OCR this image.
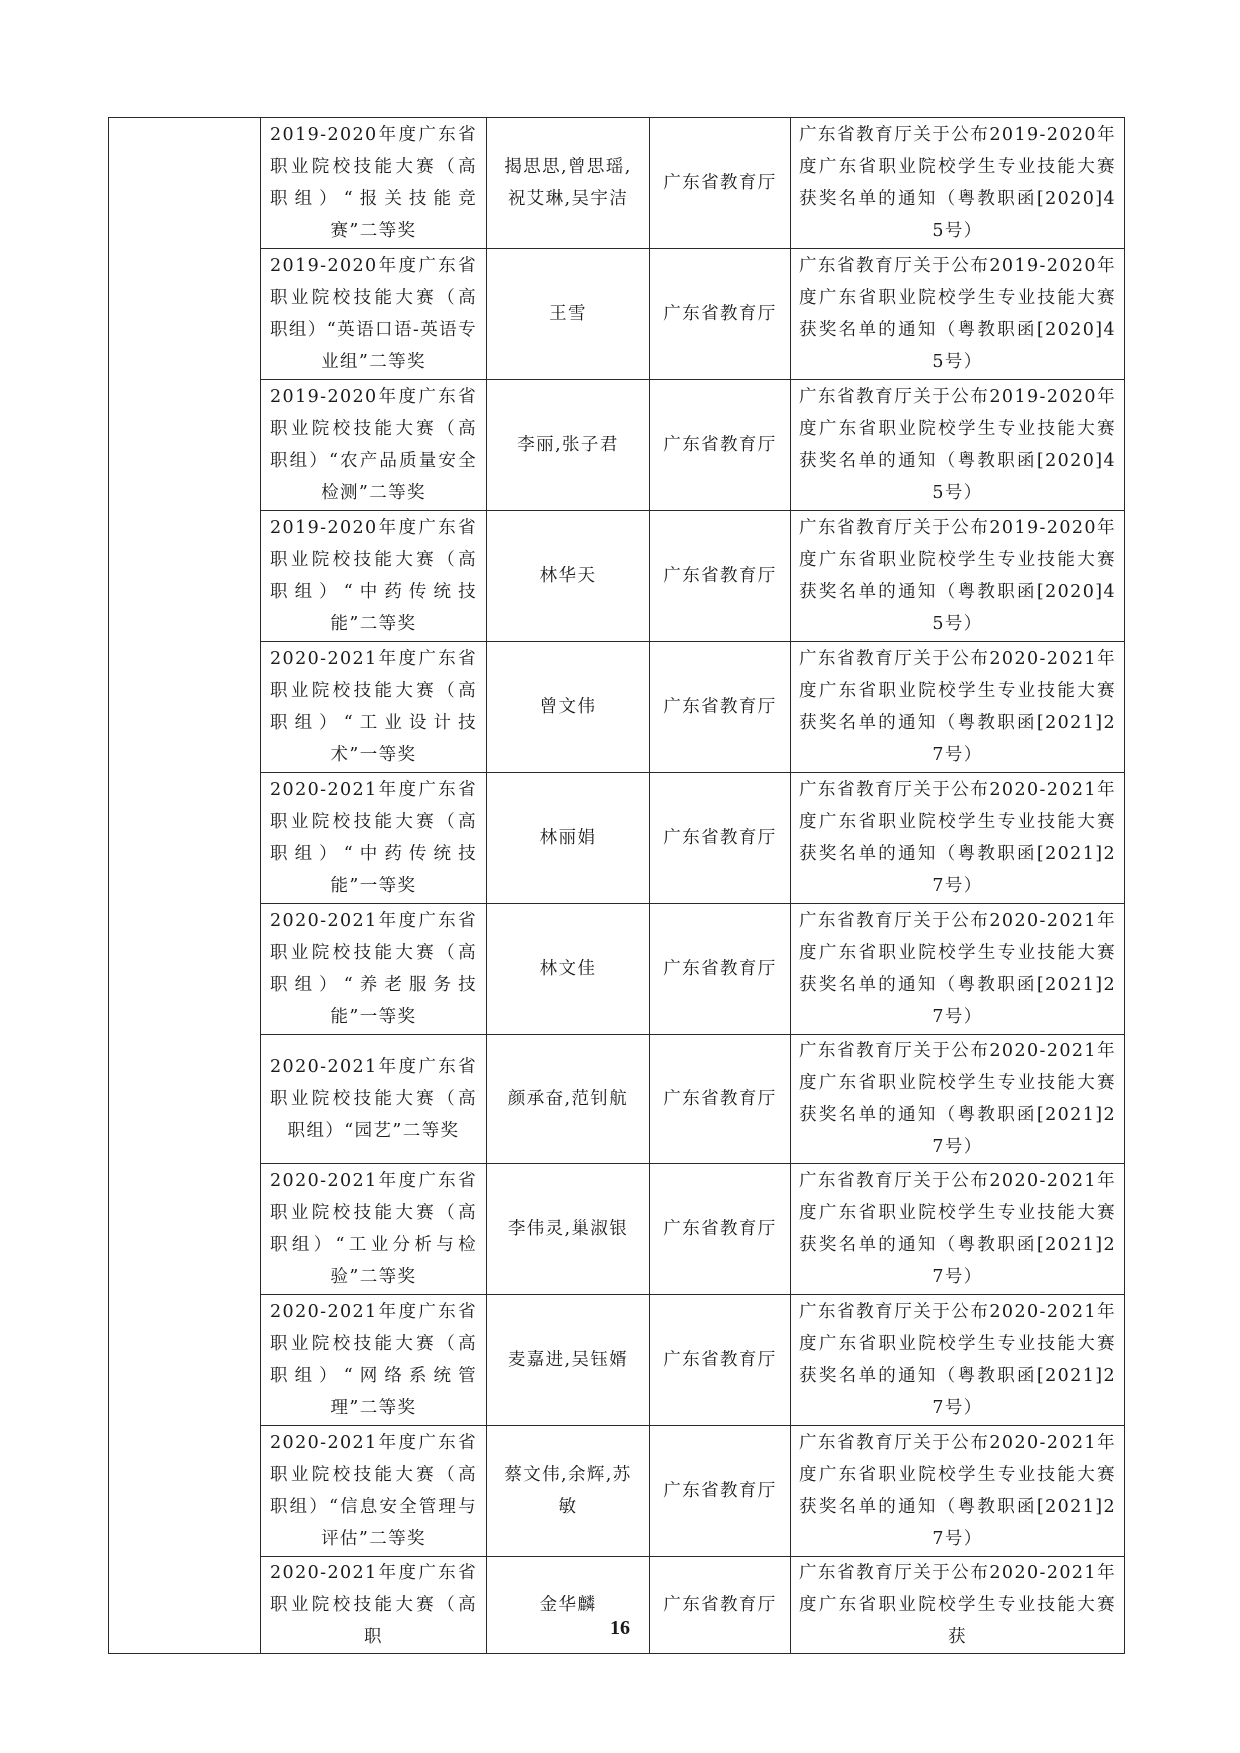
	2019-2020年度广东省职业院校技能大赛（高职组）“报关技能竞赛”二等奖	揭思思,曾思瑶,祝艾琳,吴宇洁	广东省教育厅	广东省教育厅关于公布2019-2020年度广东省职业院校学生专业技能大赛获奖名单的通知（粤教职函[2020]45号）
	2019-2020年度广东省职业院校技能大赛（高职组）“英语口语-英语专业组”二等奖	王雪	广东省教育厅	广东省教育厅关于公布2019-2020年度广东省职业院校学生专业技能大赛获奖名单的通知（粤教职函[2020]45号）
	2019-2020年度广东省职业院校技能大赛（高职组）“农产品质量安全检测”二等奖	李丽,张子君	广东省教育厅	广东省教育厅关于公布2019-2020年度广东省职业院校学生专业技能大赛获奖名单的通知（粤教职函[2020]45号）
	2019-2020年度广东省职业院校技能大赛（高职组）“中药传统技能”二等奖	林华天	广东省教育厅	广东省教育厅关于公布2019-2020年度广东省职业院校学生专业技能大赛获奖名单的通知（粤教职函[2020]45号）
	2020-2021年度广东省职业院校技能大赛（高职组）“工业设计技术”一等奖	曾文伟	广东省教育厅	广东省教育厅关于公布2020-2021年度广东省职业院校学生专业技能大赛获奖名单的通知（粤教职函[2021]27号）
	2020-2021年度广东省职业院校技能大赛（高职组）“中药传统技能”一等奖	林丽娟	广东省教育厅	广东省教育厅关于公布2020-2021年度广东省职业院校学生专业技能大赛获奖名单的通知（粤教职函[2021]27号）
	2020-2021年度广东省职业院校技能大赛（高职组）“养老服务技能”一等奖	林文佳	广东省教育厅	广东省教育厅关于公布2020-2021年度广东省职业院校学生专业技能大赛获奖名单的通知（粤教职函[2021]27号）
	2020-2021年度广东省职业院校技能大赛（高职组）“园艺”二等奖	颜承奋,范钊航	广东省教育厅	广东省教育厅关于公布2020-2021年度广东省职业院校学生专业技能大赛获奖名单的通知（粤教职函[2021]27号）
	2020-2021年度广东省职业院校技能大赛（高职组）“工业分析与检验”二等奖	李伟灵,巢淑银	广东省教育厅	广东省教育厅关于公布2020-2021年度广东省职业院校学生专业技能大赛获奖名单的通知（粤教职函[2021]27号）
	2020-2021年度广东省职业院校技能大赛（高职组）“网络系统管理”二等奖	麦嘉进,吴钰婿	广东省教育厅	广东省教育厅关于公布2020-2021年度广东省职业院校学生专业技能大赛获奖名单的通知（粤教职函[2021]27号）
	2020-2021年度广东省职业院校技能大赛（高职组）“信息安全管理与评估”二等奖	蔡文伟,余辉,苏敏	广东省教育厅	广东省教育厅关于公布2020-2021年度广东省职业院校学生专业技能大赛获奖名单的通知（粤教职函[2021]27号）
	2020-2021年度广东省职业院校技能大赛（高职	金华麟	广东省教育厅	广东省教育厅关于公布2020-2021年度广东省职业院校学生专业技能大赛获
16
